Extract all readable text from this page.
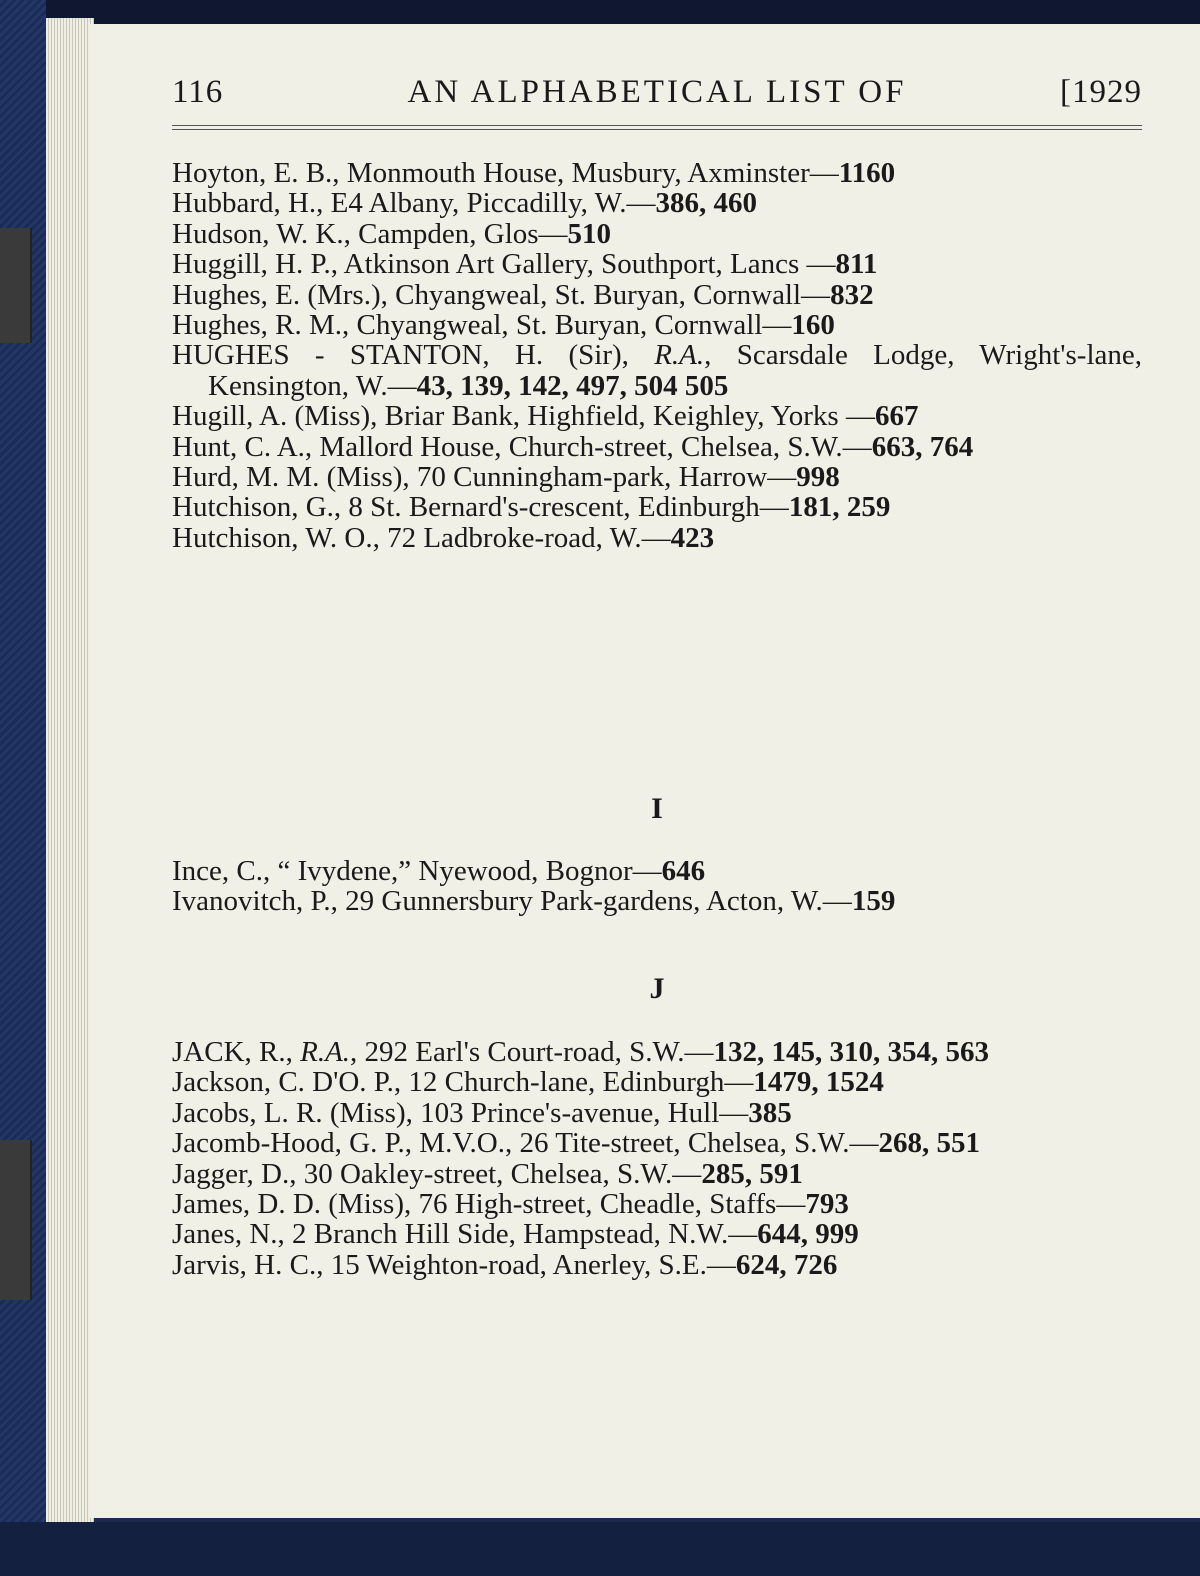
116	AN ALPHABETICAL LIST OF	[1929

Hoyton, E. B., Monmouth House, Musbury, Axminster—1160

Hubbard, H., E4 Albany, Piccadilly, W.—386, 460

Hudson, W. K., Campden, Glos—510

Huggill, H. P., Atkinson Art Gallery, Southport, Lancs —811

Hughes, E. (Mrs.), Chyangweal, St. Buryan, Cornwall—832

Hughes, R. M., Chyangweal, St. Buryan, Cornwall—160

HUGHES - STANTON, H. (Sir), R.A., Scarsdale Lodge, Wright's-lane, Kensington, W.—43, 139, 142, 497, 504 505

Hugill, A. (Miss), Briar Bank, Highfield, Keighley, Yorks —667

Hunt, C. A., Mallord House, Church-street, Chelsea, S.W.—663, 764

Hurd, M. M. (Miss), 70 Cunningham-park, Harrow—998

Hutchison, G., 8 St. Bernard's-crescent, Edinburgh—181, 259

Hutchison, W. O., 72 Ladbroke-road, W.—423

I

Ince, C., “ Ivydene,” Nyewood, Bognor—646

Ivanovitch, P., 29 Gunnersbury Park-gardens, Acton, W.—159

J

JACK, R., R.A., 292 Earl's Court-road, S.W.—132, 145, 310, 354, 563

Jackson, C. D'O. P., 12 Church-lane, Edinburgh—1479, 1524

Jacobs, L. R. (Miss), 103 Prince's-avenue, Hull—385

Jacomb-Hood, G. P., M.V.O., 26 Tite-street, Chelsea, S.W.—268, 551

Jagger, D., 30 Oakley-street, Chelsea, S.W.—285, 591

James, D. D. (Miss), 76 High-street, Cheadle, Staffs—793

Janes, N., 2 Branch Hill Side, Hampstead, N.W.—644, 999

Jarvis, H. C., 15 Weighton-road, Anerley, S.E.—624, 726
